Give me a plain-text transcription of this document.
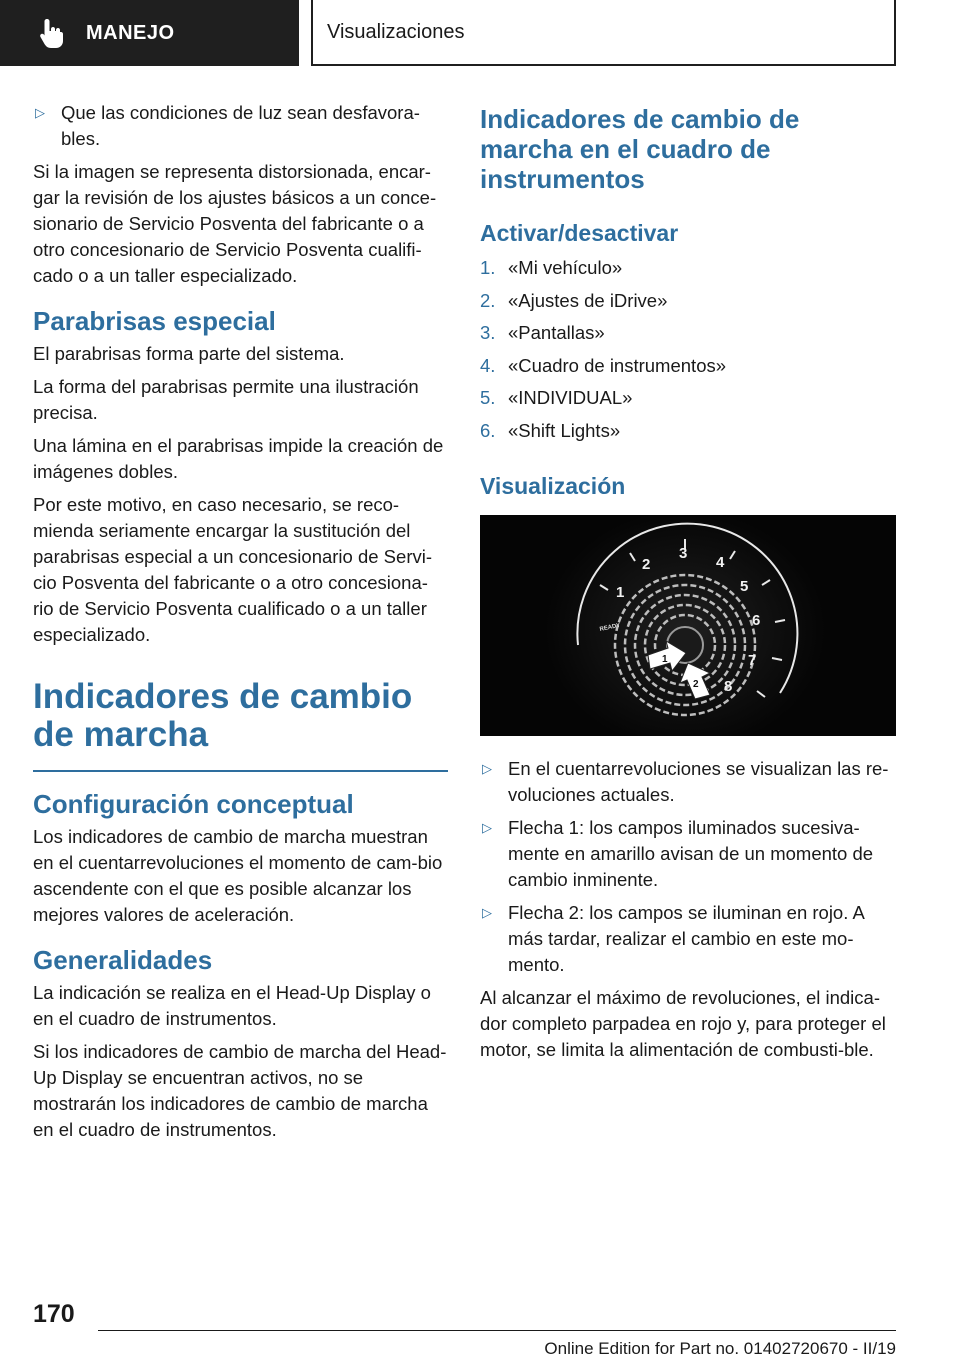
MANEJO	Visualizaciones
▷ Que las condiciones de luz sean desfavora-bles.

Si la imagen se representa distorsionada, encar-gar la revisión de los ajustes básicos a un conce-sionario de Servicio Posventa del fabricante o a otro concesionario de Servicio Posventa cualifi-cado o a un taller especializado.

Parabrisas especial

El parabrisas forma parte del sistema.

La forma del parabrisas permite una ilustración precisa.

Una lámina en el parabrisas impide la creación de imágenes dobles.

Por este motivo, en caso necesario, se reco-mienda seriamente encargar la sustitución del parabrisas especial a un concesionario de Servi-cio Posventa del fabricante o a otro concesiona-rio de Servicio Posventa cualificado o a un taller especializado.

Indicadores de cambio de marcha
Configuración conceptual

Los indicadores de cambio de marcha muestran en el cuentarrevoluciones el momento de cam-bio ascendente con el que es posible alcanzar los mejores valores de aceleración.

Generalidades

La indicación se realiza en el Head-Up Display o en el cuadro de instrumentos.

Si los indicadores de cambio de marcha del Head-Up Display se encuentran activos, no se mostrarán los indicadores de cambio de marcha en el cuadro de instrumentos.

Indicadores de cambio de marcha en el cuadro de instrumentos
Activar/desactivar
1. «Mi vehículo»
2. «Ajustes de iDrive»
3. «Pantallas»
4. «Cuadro de instrumentos»
5. «INDIVIDUAL»
6. «Shift Lights»
Visualización
1
2
3
4
5
6
7
8
READY
1
2
▷ En el cuentarrevoluciones se visualizan las re-voluciones actuales.
▷ Flecha 1: los campos iluminados sucesiva-mente en amarillo avisan de un momento de cambio inminente.
▷ Flecha 2: los campos se iluminan en rojo. A más tardar, realizar el cambio en este mo-mento.

Al alcanzar el máximo de revoluciones, el indica-dor completo parpadea en rojo y, para proteger el motor, se limita la alimentación de combusti-ble.

170
Online Edition for Part no. 01402720670 - II/19
